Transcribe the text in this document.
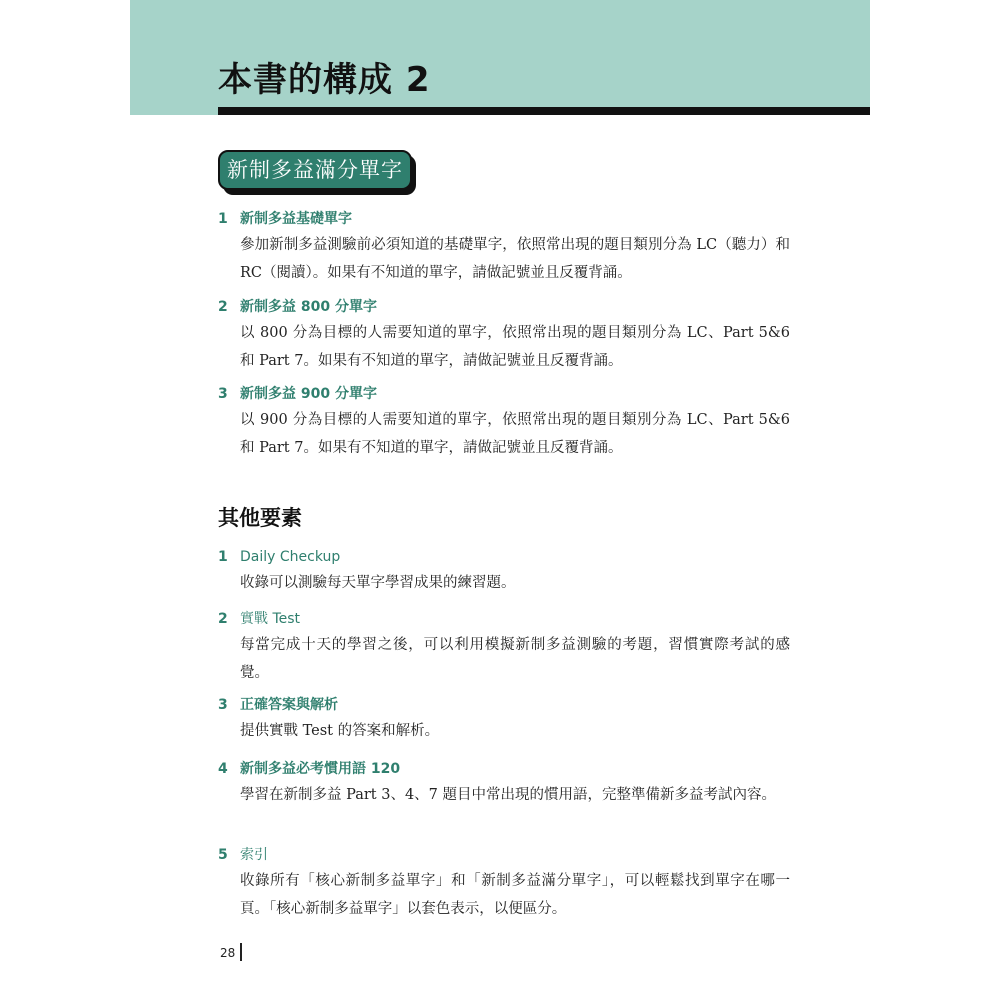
本書的構成 2
新制多益滿分單字
1 新制多益基礎單字
參加新制多益測驗前必須知道的基礎單字，依照常出現的題目類別分為 LC（聽力）和 RC（閱讀）。如果有不知道的單字，請做記號並且反覆背誦。
2 新制多益 800 分單字
以 800 分為目標的人需要知道的單字，依照常出現的題目類別分為 LC、Part 5&6 和 Part 7。如果有不知道的單字，請做記號並且反覆背誦。
3 新制多益 900 分單字
以 900 分為目標的人需要知道的單字，依照常出現的題目類別分為 LC、Part 5&6 和 Part 7。如果有不知道的單字，請做記號並且反覆背誦。
其他要素
1 Daily Checkup
收錄可以測驗每天單字學習成果的練習題。
2 實戰 Test
每當完成十天的學習之後，可以利用模擬新制多益測驗的考題，習慣實際考試的感覺。
3 正確答案與解析
提供實戰 Test 的答案和解析。
4 新制多益必考慣用語 120
學習在新制多益 Part 3、4、7 題目中常出現的慣用語，完整準備新多益考試內容。
5 索引
收錄所有「核心新制多益單字」和「新制多益滿分單字」，可以輕鬆找到單字在哪一頁。「核心新制多益單字」以套色表示，以便區分。
28
